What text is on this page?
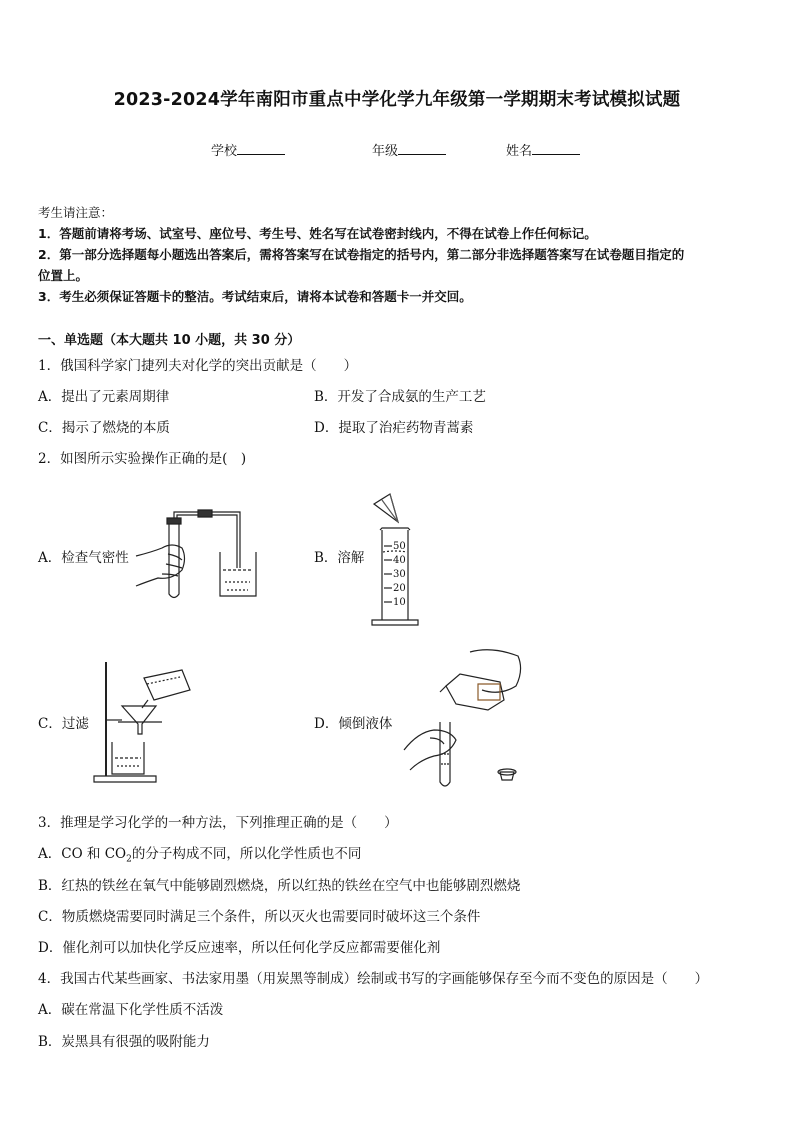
2023-2024学年南阳市重点中学化学九年级第一学期期末考试模拟试题
学校	年级	姓名
考生请注意：
1．答题前请将考场、试室号、座位号、考生号、姓名写在试卷密封线内，不得在试卷上作任何标记。
2．第一部分选择题每小题选出答案后，需将答案写在试卷指定的括号内，第二部分非选择题答案写在试卷题目指定的
位置上。
3．考生必须保证答题卡的整洁。考试结束后，请将本试卷和答题卡一并交回。
一、单选题（本大题共 10 小题，共 30 分）
1．俄国科学家门捷列夫对化学的突出贡献是（　　）
A．提出了元素周期律	B．开发了合成氨的生产工艺
C．揭示了燃烧的本质	D．提取了治疟药物青蒿素
2．如图所示实验操作正确的是(　)
A．检查气密性	B．溶解
C．过滤	D．倾倒液体
50
40
30
20
10
3．推理是学习化学的一种方法，下列推理正确的是（　　）
A．CO 和 $CO_2$的分子构成不同，所以化学性质也不同
B．红热的铁丝在氧气中能够剧烈燃烧，所以红热的铁丝在空气中也能够剧烈燃烧
C．物质燃烧需要同时满足三个条件，所以灭火也需要同时破坏这三个条件
D．催化剂可以加快化学反应速率，所以任何化学反应都需要催化剂
4．我国古代某些画家、书法家用墨（用炭黑等制成）绘制或书写的字画能够保存至今而不变色的原因是（　　）
A．碳在常温下化学性质不活泼
B．炭黑具有很强的吸附能力
